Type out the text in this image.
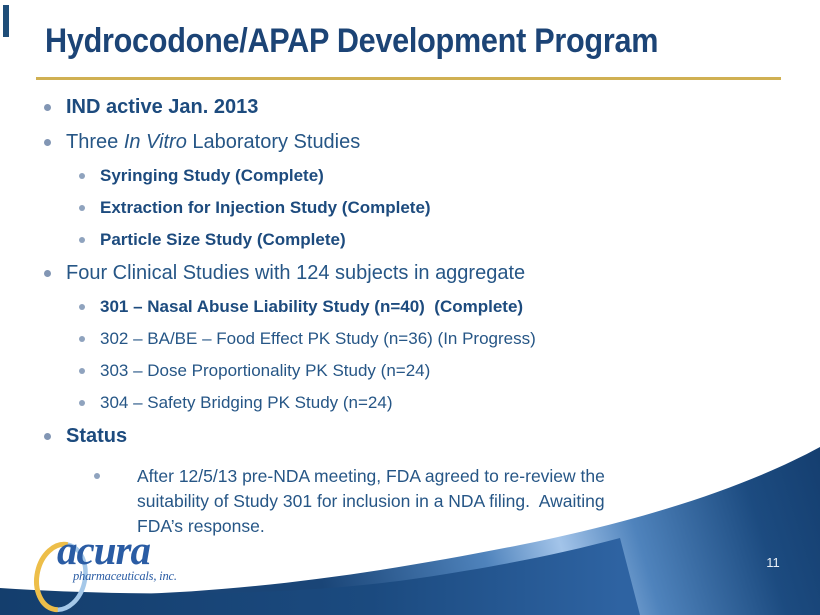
Hydrocodone/APAP Development Program
IND active Jan. 2013
Three In Vitro Laboratory Studies
Syringing Study (Complete)
Extraction for Injection Study (Complete)
Particle Size Study (Complete)
Four Clinical Studies with 124 subjects in aggregate
301 – Nasal Abuse Liability Study (n=40)  (Complete)
302 – BA/BE – Food Effect PK Study (n=36) (In Progress)
303 – Dose Proportionality PK Study (n=24)
304 – Safety Bridging PK Study (n=24)
Status
After 12/5/13 pre-NDA meeting, FDA agreed to re-review the suitability of Study 301 for inclusion in a NDA filing.  Awaiting FDA’s response.
11

acura

pharmaceuticals, inc.
